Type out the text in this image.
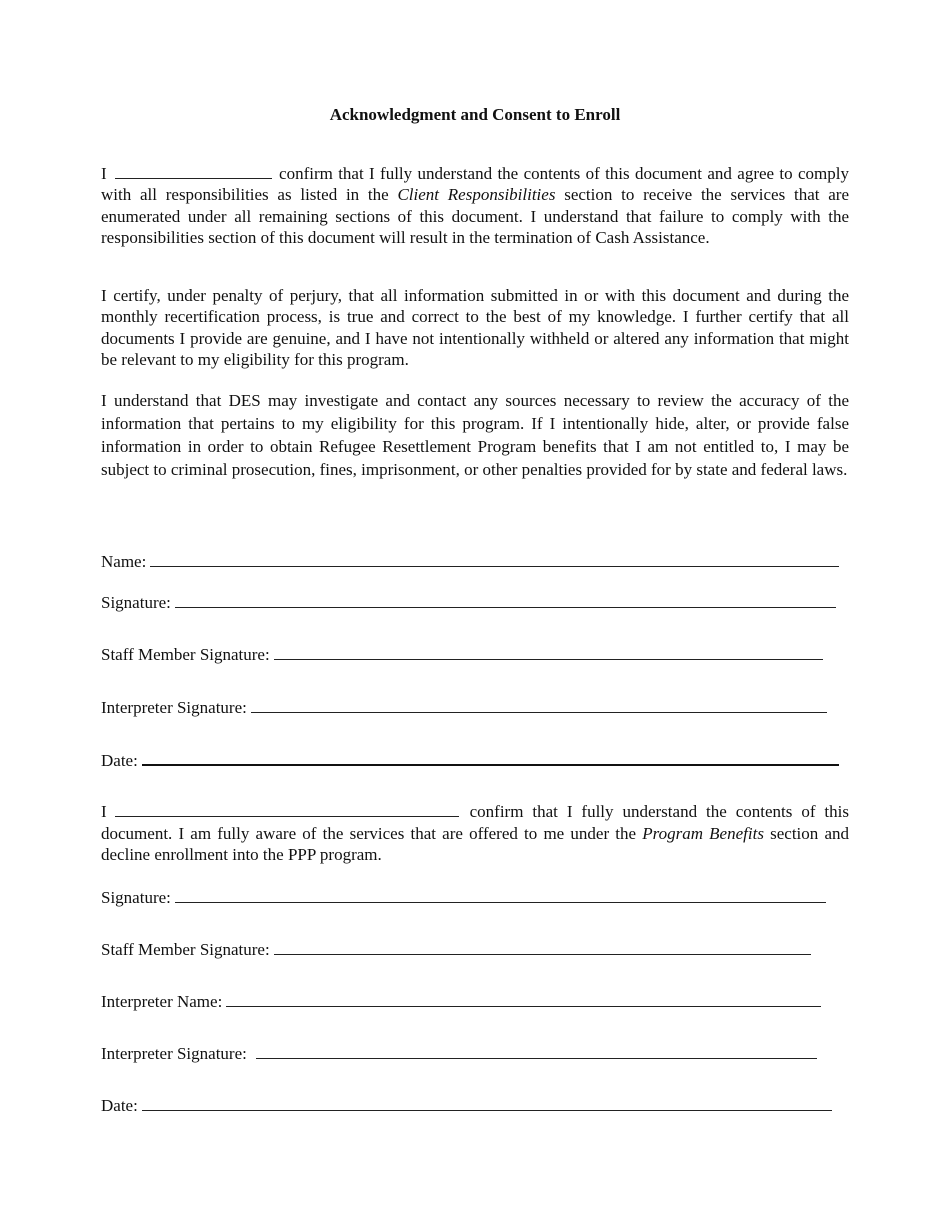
Acknowledgment and Consent to Enroll

I	confirm that I fully understand the contents of this document and agree to comply with all responsibilities as listed in the Client Responsibilities section to receive the services that are enumerated under all remaining sections of this document. I understand that failure to comply with the responsibilities section of this document will result in the termination of Cash Assistance.

I certify, under penalty of perjury, that all information submitted in or with this document and during the monthly recertification process, is true and correct to the best of my knowledge. I further certify that all documents I provide are genuine, and I have not intentionally withheld or altered any information that might be relevant to my eligibility for this program.

I understand that DES may investigate and contact any sources necessary to review the accuracy of the information that pertains to my eligibility for this program. If I intentionally hide, alter, or provide false information in order to obtain Refugee Resettlement Program benefits that I am not entitled to, I may be subject to criminal prosecution, fines, imprisonment, or other penalties provided for by state and federal laws.

Name:
Signature:
Staff Member Signature:
Interpreter Signature:
Date:

I	confirm that I fully understand the contents of this document. I am fully aware of the services that are offered to me under the Program Benefits section and decline enrollment into the PPP program.

Signature:
Staff Member Signature:
Interpreter Name:
Interpreter Signature:
Date:
